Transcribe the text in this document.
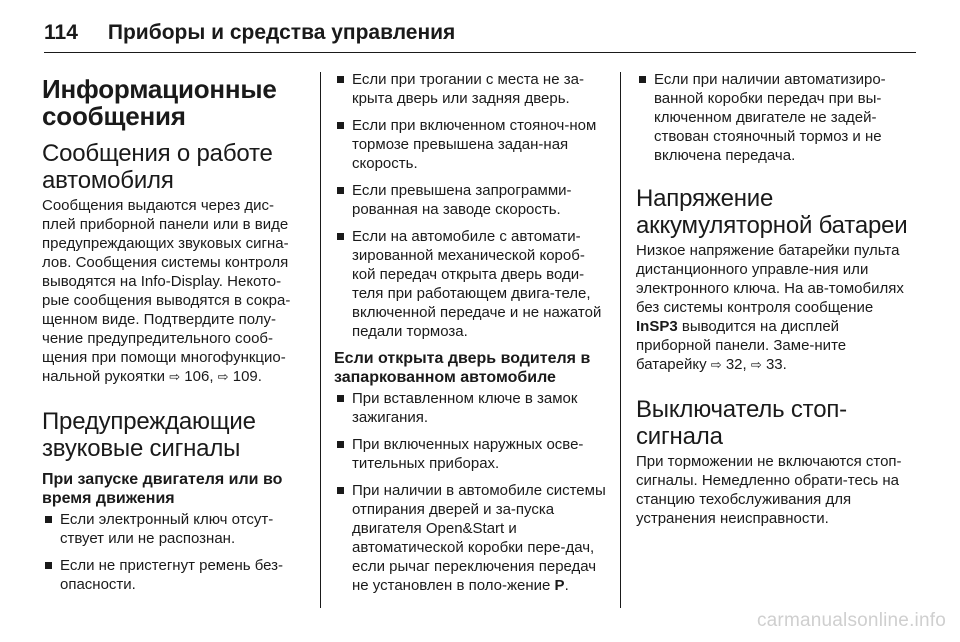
114 Приборы и средства управления
Информационные сообщения
Сообщения о работе автомобиля

Сообщения выдаются через дис-плей приборной панели или в виде предупреждающих звуковых сигна-лов. Сообщения системы контроля выводятся на Info-Display. Некото-рые сообщения выводятся в сокра-щенном виде. Подтвердите полу-чение предупредительного сооб-щения при помощи многофункцио-нальной рукоятки ⇨ 106, ⇨ 109.

Предупреждающие звуковые сигналы
При запуске двигателя или во время движения
Если электронный ключ отсут-ствует или не распознан.
Если не пристегнут ремень без-опасности.
Если при трогании с места не за-крыта дверь или задняя дверь.
Если при включенном стояноч-ном тормозе превышена задан-ная скорость.
Если превышена запрограмми-рованная на заводе скорость.
Если на автомобиле с автомати-зированной механической короб-кой передач открыта дверь води-теля при работающем двига-теле, включенной передаче и не нажатой педали тормоза.
Если открыта дверь водителя в запаркованном автомобиле
При вставленном ключе в замок зажигания.
При включенных наружных осве-тительных приборах.
При наличии в автомобиле системы отпирания дверей и за-пуска двигателя Open&Start и автоматической коробки пере-дач, если рычаг переключения передач не установлен в поло-жение P.
Если при наличии автоматизиро-ванной коробки передач при вы-ключенном двигателе не задей-ствован стояночный тормоз и не включена передача.
Напряжение аккумуляторной батареи

Низкое напряжение батарейки пульта дистанционного управле-ния или электронного ключа. На ав-томобилях без системы контроля сообщение InSP3 выводится на дисплей приборной панели. Заме-ните батарейку ⇨ 32, ⇨ 33.

Выключатель стоп-сигнала

При торможении не включаются стоп-сигналы. Немедленно обрати-тесь на станцию техобслуживания для устранения неисправности.

carmanualsonline.info
